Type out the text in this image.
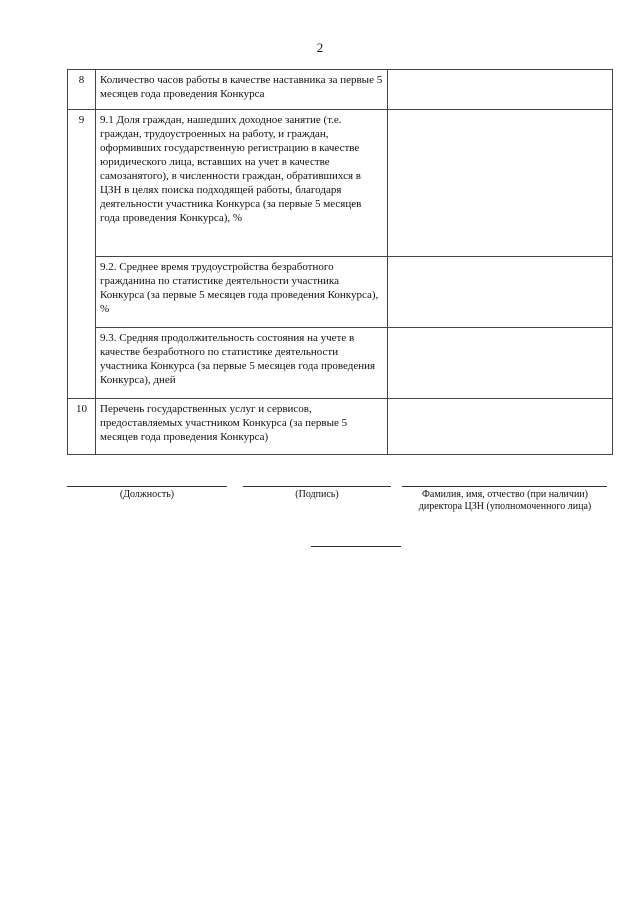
2
8	Количество часов работы в качестве наставника за первые 5 месяцев года проведения Конкурса	
9	9.1 Доля граждан, нашедших доходное занятие (т.е. граждан, трудоустроенных на работу, и граждан, оформивших государственную регистрацию в качестве юридического лица, вставших на учет в качестве самозанятого), в численности граждан, обратившихся в ЦЗН в целях поиска подходящей работы, благодаря деятельности участника Конкурса (за первые 5 месяцев года проведения Конкурса), %	
	9.2. Среднее время трудоустройства безработного гражданина по статистике деятельности участника Конкурса (за первые 5 месяцев года проведения Конкурса), %	
	9.3. Средняя продолжительность состояния на учете в качестве безработного по статистике деятельности участника Конкурса (за первые 5 месяцев года проведения Конкурса), дней	
10	Перечень государственных услуг и сервисов, предоставляемых участником Конкурса (за первые 5 месяцев года проведения Конкурса)	
(Должность)	(Подпись)	Фамилия, имя, отчество (при наличии)
директора ЦЗН (уполномоченного лица)
